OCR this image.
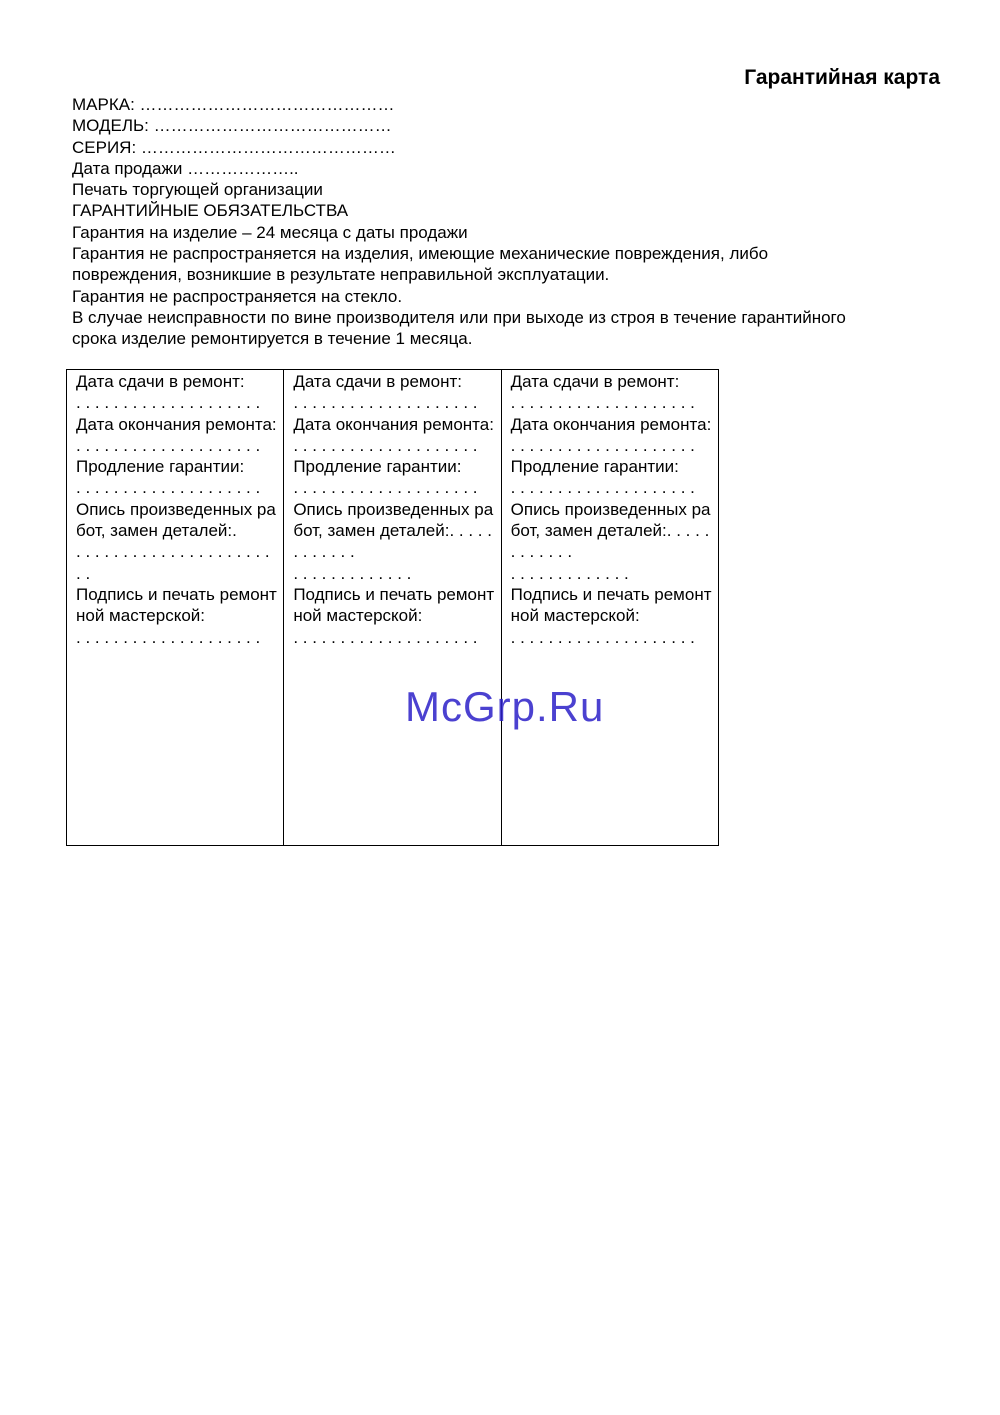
Гарантийная карта
МАРКА: ………………………………………
МОДЕЛЬ: ……………………………………
СЕРИЯ: ………………………………………
Дата продажи ………………..
Печать торгующей организации
ГАРАНТИЙНЫЕ ОБЯЗАТЕЛЬСТВА
Гарантия на изделие – 24 месяца с даты продажи
Гарантия не распространяется на изделия, имеющие механические повреждения, либо
повреждения, возникшие в результате неправильной эксплуатации.
Гарантия не распространяется на стекло.
В случае неисправности по вине производителя или при выходе из строя в течение гарантийного
срока изделие ремонтируется в течение 1 месяца.
Дата сдачи в ремонт:
. . . . . . . . . . . . . . . . . . . .
Дата окончания ремонта:
. . . . . . . . . . . . . . . . . . . .
Продление гарантии:
. . . . . . . . . . . . . . . . . . . .
Опись произведенных работ, замен деталей:.
. . . . . . . . . . . . . . . . . . . . . . .
Подпись и печать ремонтной мастерской:
. . . . . . . . . . . . . . . . . . . .

Дата сдачи в ремонт:
. . . . . . . . . . . . . . . . . . . .
Дата окончания ремонта:
. . . . . . . . . . . . . . . . . . . .
Продление гарантии:
. . . . . . . . . . . . . . . . . . . .
Опись произведенных работ, замен деталей:. . . . . . . . . . . .
. . . . . . . . . . . . .
Подпись и печать ремонтной мастерской:
. . . . . . . . . . . . . . . . . . . .

Дата сдачи в ремонт:
. . . . . . . . . . . . . . . . . . . .
Дата окончания ремонта:
. . . . . . . . . . . . . . . . . . . .
Продление гарантии:
. . . . . . . . . . . . . . . . . . . .
Опись произведенных работ, замен деталей:. . . . . . . . . . . .
. . . . . . . . . . . . .
Подпись и печать ремонтной мастерской:
. . . . . . . . . . . . . . . . . . . .
McGrp.Ru
